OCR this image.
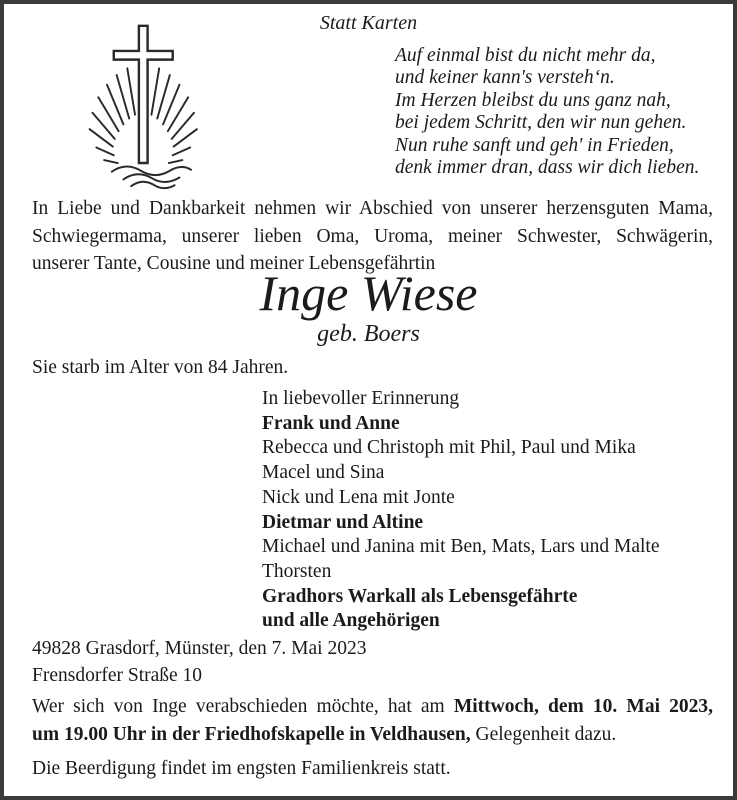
Statt Karten
Auf einmal bist du nicht mehr da,
und keiner kann's versteh‘n.
Im Herzen bleibst du uns ganz nah,
bei jedem Schritt, den wir nun gehen.
Nun ruhe sanft und geh' in Frieden,
denk immer dran, dass wir dich lieben.
In Liebe und Dankbarkeit nehmen wir Abschied von unserer herzensguten Mama,
Schwiegermama, unserer lieben Oma, Uroma, meiner Schwester, Schwägerin,
unserer Tante, Cousine und meiner Lebensgefährtin
Inge Wiese
geb. Boers
Sie starb im Alter von 84 Jahren.
In liebevoller Erinnerung
Frank und Anne
Rebecca und Christoph mit Phil, Paul und Mika
Macel und Sina
Nick und Lena mit Jonte
Dietmar und Altine
Michael und Janina mit Ben, Mats, Lars und Malte
Thorsten
Gradhors Warkall als Lebensgefährte
und alle Angehörigen
49828 Grasdorf, Münster, den 7. Mai 2023
Frensdorfer Straße 10
Wer sich von Inge verabschieden möchte, hat am Mittwoch, dem 10. Mai 2023,
um 19.00 Uhr in der Friedhofskapelle in Veldhausen, Gelegenheit dazu.
Die Beerdigung findet im engsten Familienkreis statt.
